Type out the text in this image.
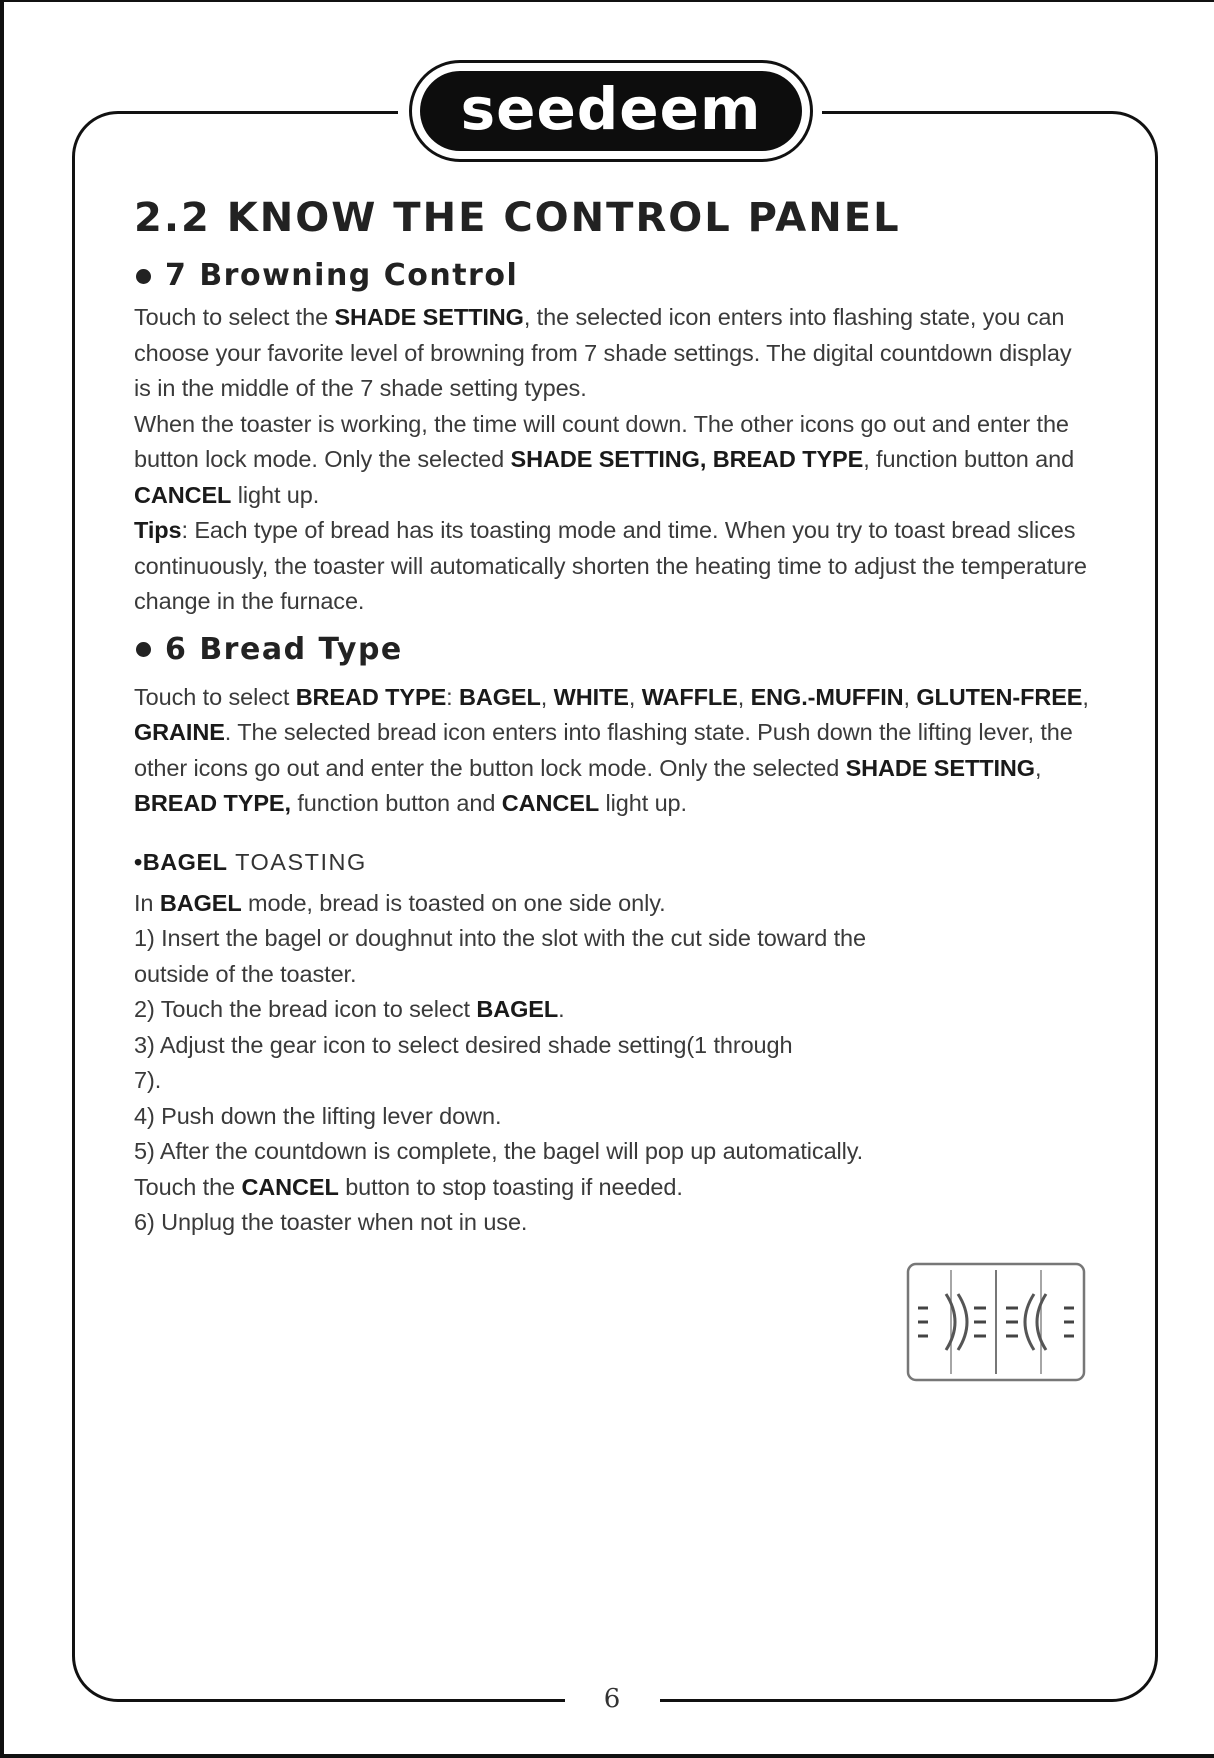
seedeem
2.2 KNOW THE CONTROL PANEL
7 Browning Control

Touch to select the SHADE SETTING, the selected icon enters into flashing state, you can choose your favorite level of browning from 7 shade settings. The digital countdown display is in the middle of the 7 shade setting types.

When the toaster is working, the time will count down. The other icons go out and enter the button lock mode. Only the selected SHADE SETTING, BREAD TYPE, function button and CANCEL light up.

Tips: Each type of bread has its toasting mode and time. When you try to toast bread slices continuously, the toaster will automatically shorten the heating time to adjust the temperature change in the furnace.

6 Bread Type

Touch to select BREAD TYPE: BAGEL, WHITE, WAFFLE, ENG.-MUFFIN, GLUTEN-FREE, GRAINE. The selected bread icon enters into flashing state. Push down the lifting lever, the other icons go out and enter the button lock mode. Only the selected SHADE SETTING, BREAD TYPE, function button and CANCEL light up.

•BAGEL TOASTING

In BAGEL mode, bread is toasted on one side only.

1) Insert the bagel or doughnut into the slot with the cut side toward the outside of the toaster.

2) Touch the bread icon to select BAGEL.

3) Adjust the gear icon to select desired shade setting(1 through 7).

4) Push down the lifting lever down.

5) After the countdown is complete, the bagel will pop up automatically. Touch the CANCEL button to stop toasting if needed.

6) Unplug the toaster when not in use.

6
